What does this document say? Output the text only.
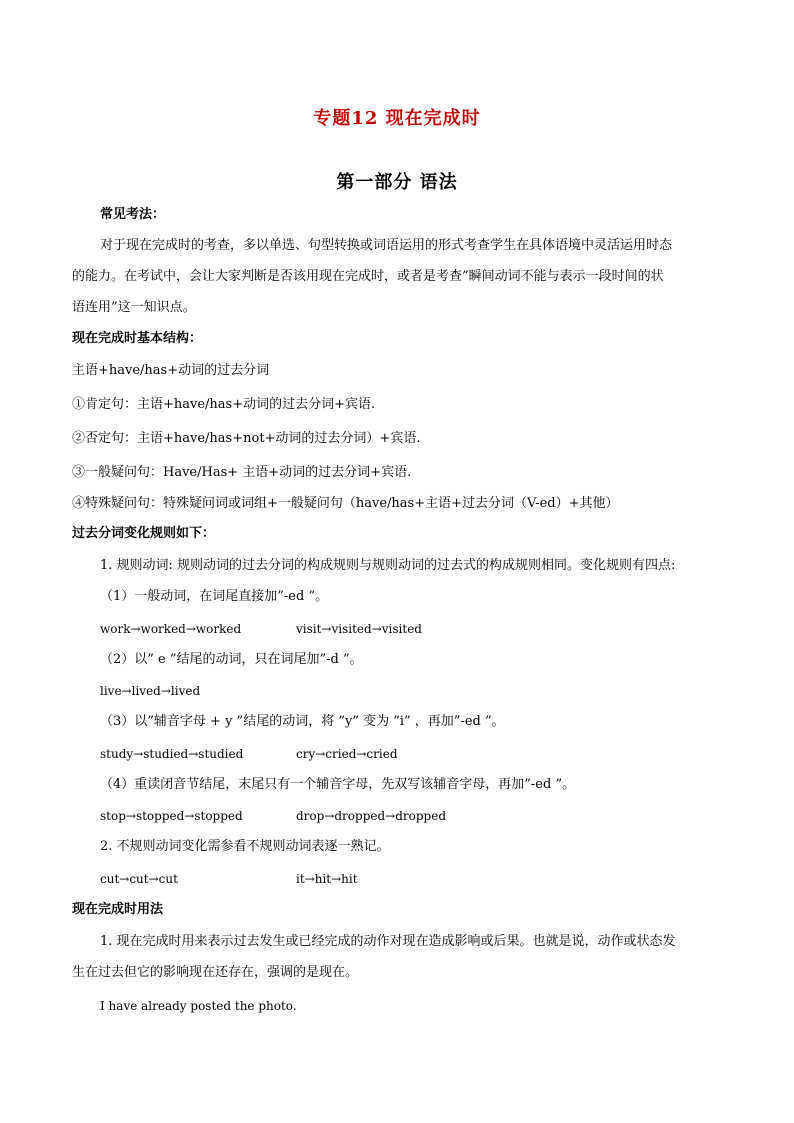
专题12 现在完成时
第一部分 语法
常见考法：
对于现在完成时的考查，多以单选、句型转换或词语运用的形式考查学生在具体语境中灵活运用时态
的能力。在考试中，会让大家判断是否该用现在完成时，或者是考查”瞬间动词不能与表示一段时间的状
语连用”这一知识点。
现在完成时基本结构：
主语+have/has+动词的过去分词
①肯定句：主语+have/has+动词的过去分词+宾语.
②否定句：主语+have/has+not+动词的过去分词）+宾语.
③一般疑问句：Have/Has+ 主语+动词的过去分词+宾语.
④特殊疑问句：特殊疑问词或词组+一般疑问句（have/has+主语+过去分词（V-ed）+其他）
过去分词变化规则如下：
1. 规则动词: 规则动词的过去分词的构成规则与规则动词的过去式的构成规则相同。变化规则有四点:
（1）一般动词，在词尾直接加”-ed ”。
work→worked→worked	visit→visited→visited
（2）以” e ”结尾的动词，只在词尾加”-d ”。
live→lived→lived
（3）以”辅音字母 + y ”结尾的动词，将 ”y” 变为 ”i” ，再加”-ed ”。
study→studied→studied	cry→cried→cried
（4）重读闭音节结尾，末尾只有一个辅音字母，先双写该辅音字母，再加”-ed ”。
stop→stopped→stopped	drop→dropped→dropped
2. 不规则动词变化需参看不规则动词表逐一熟记。
cut→cut→cut	it→hit→hit
现在完成时用法
1. 现在完成时用来表示过去发生或已经完成的动作对现在造成影响或后果。也就是说，动作或状态发
生在过去但它的影响现在还存在，强调的是现在。
I have already posted the photo.
